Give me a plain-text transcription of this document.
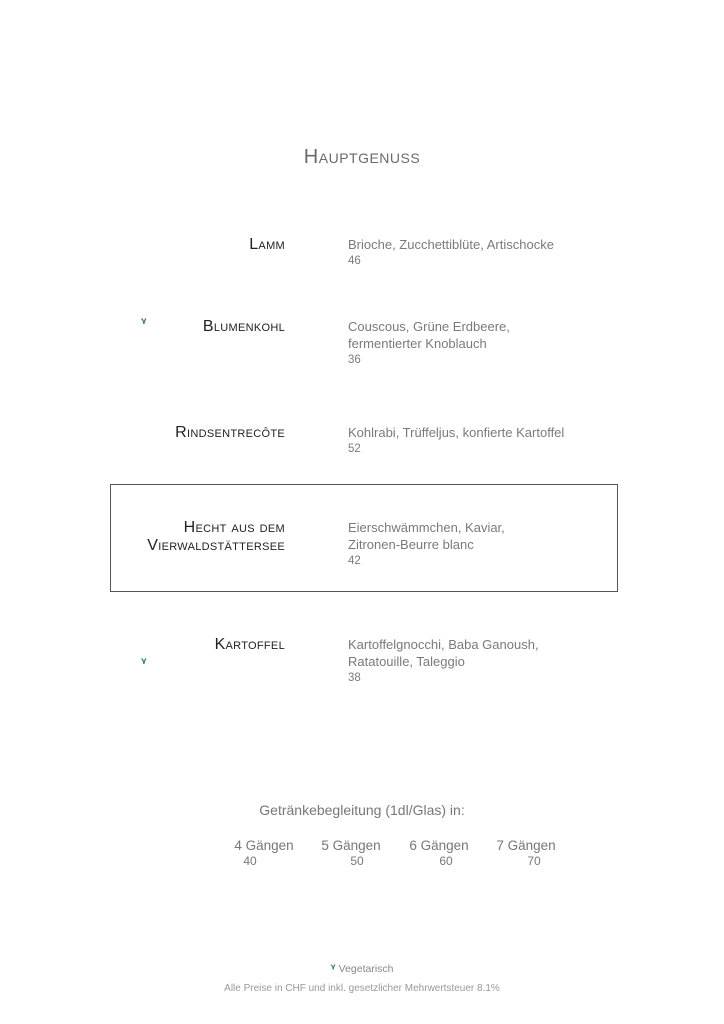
Hauptgenuss
Lamm	Brioche, Zucchettiblüte, Artischocke
46
ᵞ	Blumenkohl	Couscous, Grüne Erdbeere, fermentierter Knoblauch
36
Rindsentrecôte	Kohlrabi, Trüffeljus, konfierte Kartoffel
52
Hecht aus dem
Vierwaldstättersee
Eierschwämmchen, Kaviar, Zitronen-Beurre blanc
42
ᵞ
Kartoffel	Kartoffelgnocchi, Baba Ganoush, Ratatouille, Taleggio
38
Getränkebegleitung (1dl/Glas) in:
4 Gängen
40
5 Gängen
50
6 Gängen
60
7 Gängen
70
ᵞ Vegetarisch
Alle Preise in CHF und inkl. gesetzlicher Mehrwertsteuer 8.1%
